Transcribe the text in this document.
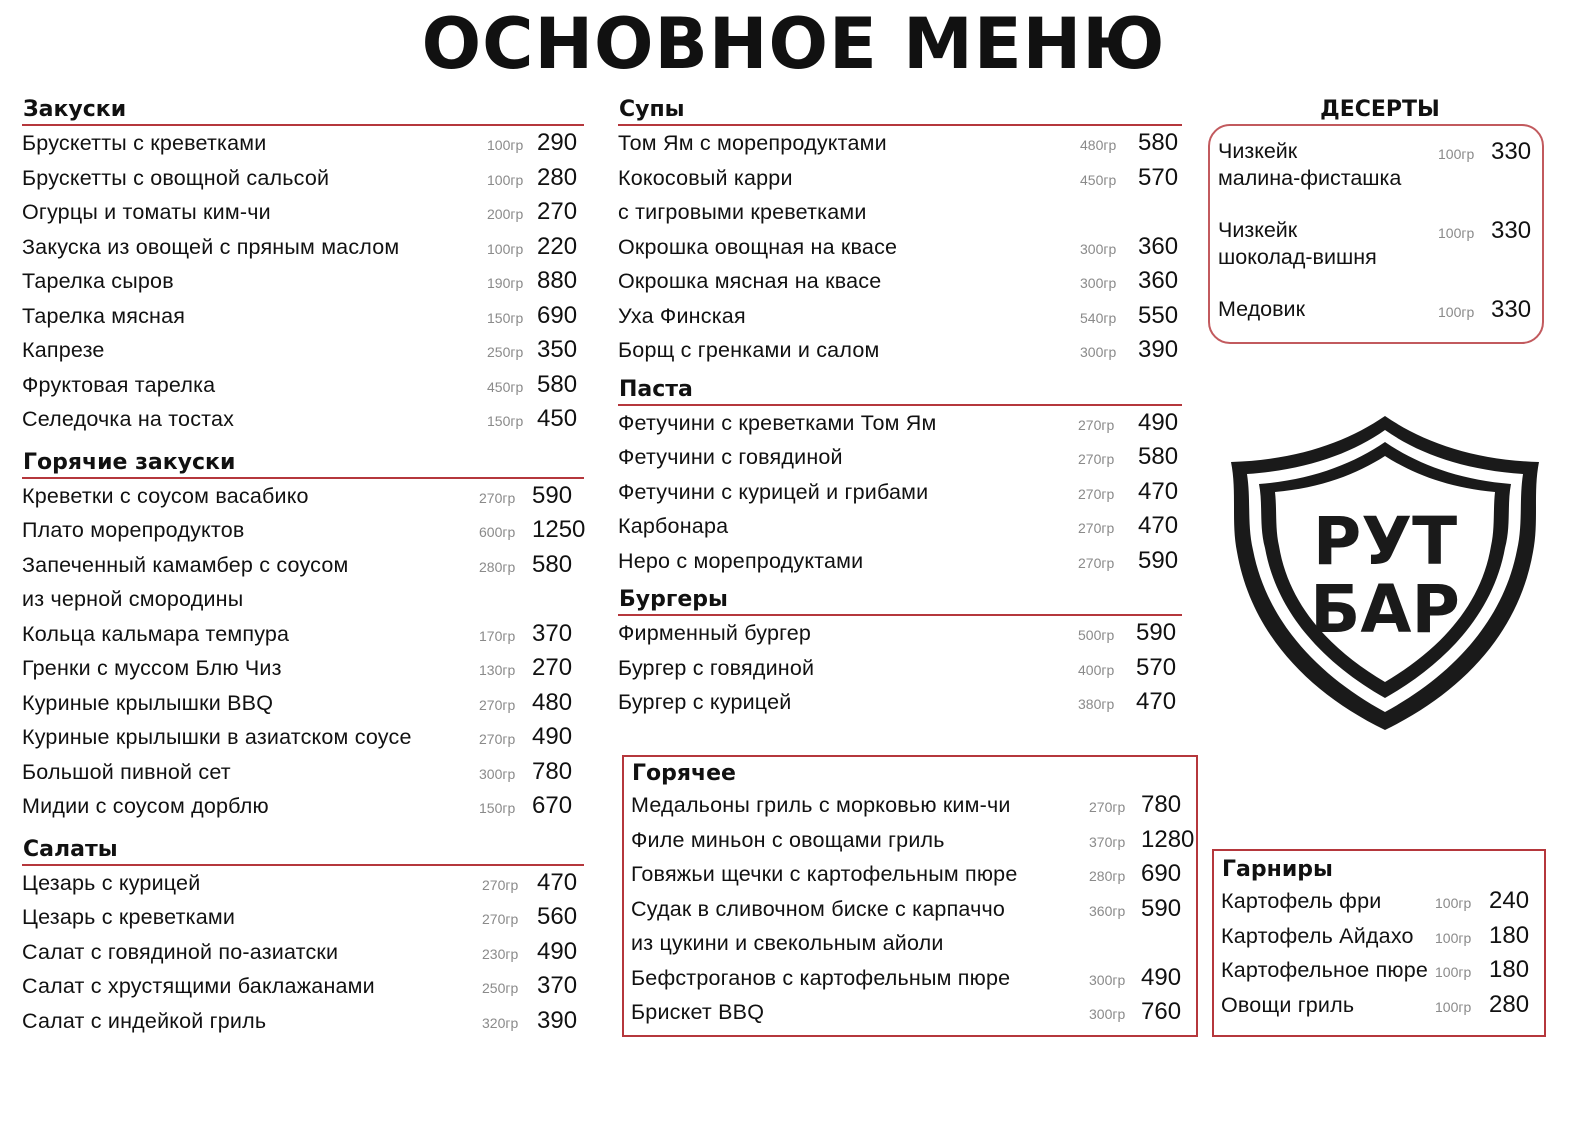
ОСНОВНОЕ МЕНЮ
Закуски
Брускетты с креветками	100гр 290
Брускетты с овощной сальсой	100гр 280
Огурцы и томаты ким-чи	200гр 270
Закуска из овощей с пряным маслом	100гр 220
Тарелка сыров	190гр 880
Тарелка мясная	150гр 690
Капрезе	250гр 350
Фруктовая тарелка	450гр 580
Селедочка на тостах	150гр 450
Горячие закуски
Креветки с соусом васабико	270гр 590
Плато морепродуктов	600гр 1250
Запеченный камамбер с соусом
из черной смородины
280гр 580
Кольца кальмара темпура	170гр 370
Гренки с муссом Блю Чиз	130гр 270
Куриные крылышки BBQ	270гр 480
Куриные крылышки в азиатском соусе	270гр 490
Большой пивной сет	300гр 780
Мидии с соусом дорблю	150гр 670
Салаты
Цезарь с курицей	270гр 470
Цезарь с креветками	270гр 560
Салат с говядиной по-азиатски	230гр 490
Салат с хрустящими баклажанами	250гр 370
Салат с индейкой гриль	320гр 390
Супы
Том Ям с морепродуктами	480гр 580
Кокосовый карри
с тигровыми креветками
450гр 570
Окрошка овощная на квасе	300гр 360
Окрошка мясная на квасе	300гр 360
Уха Финская	540гр 550
Борщ с гренками и салом	300гр 390
Паста
Фетучини с креветками Том Ям	270гр 490
Фетучини с говядиной	270гр 580
Фетучини с курицей и грибами	270гр 470
Карбонара	270гр 470
Неро с морепродуктами	270гр 590
Бургеры
Фирменный бургер	500гр 590
Бургер с говядиной	400гр 570
Бургер с курицей	380гр 470
Горячее
Медальоны гриль с морковью ким-чи	270гр 780
Филе миньон с овощами гриль	370гр 1280
Говяжьи щечки с картофельным пюре	280гр 690
Судак в сливочном биске с карпаччо
из цукини и свекольным айоли
360гр 590
Бефстроганов с картофельным пюре	300гр 490
Брискет BBQ	300гр 760
ДЕСЕРТЫ
Чизкейк
малина-фисташка
100гр 330
Чизкейк
шоколад-вишня
100гр 330
Медовик	100гр 330
РУТ
БАР
Гарниры
Картофель фри	100гр 240
Картофель Айдахо 100гр 180
Картофельное пюре 100гр 180
Овощи гриль	100гр 280
